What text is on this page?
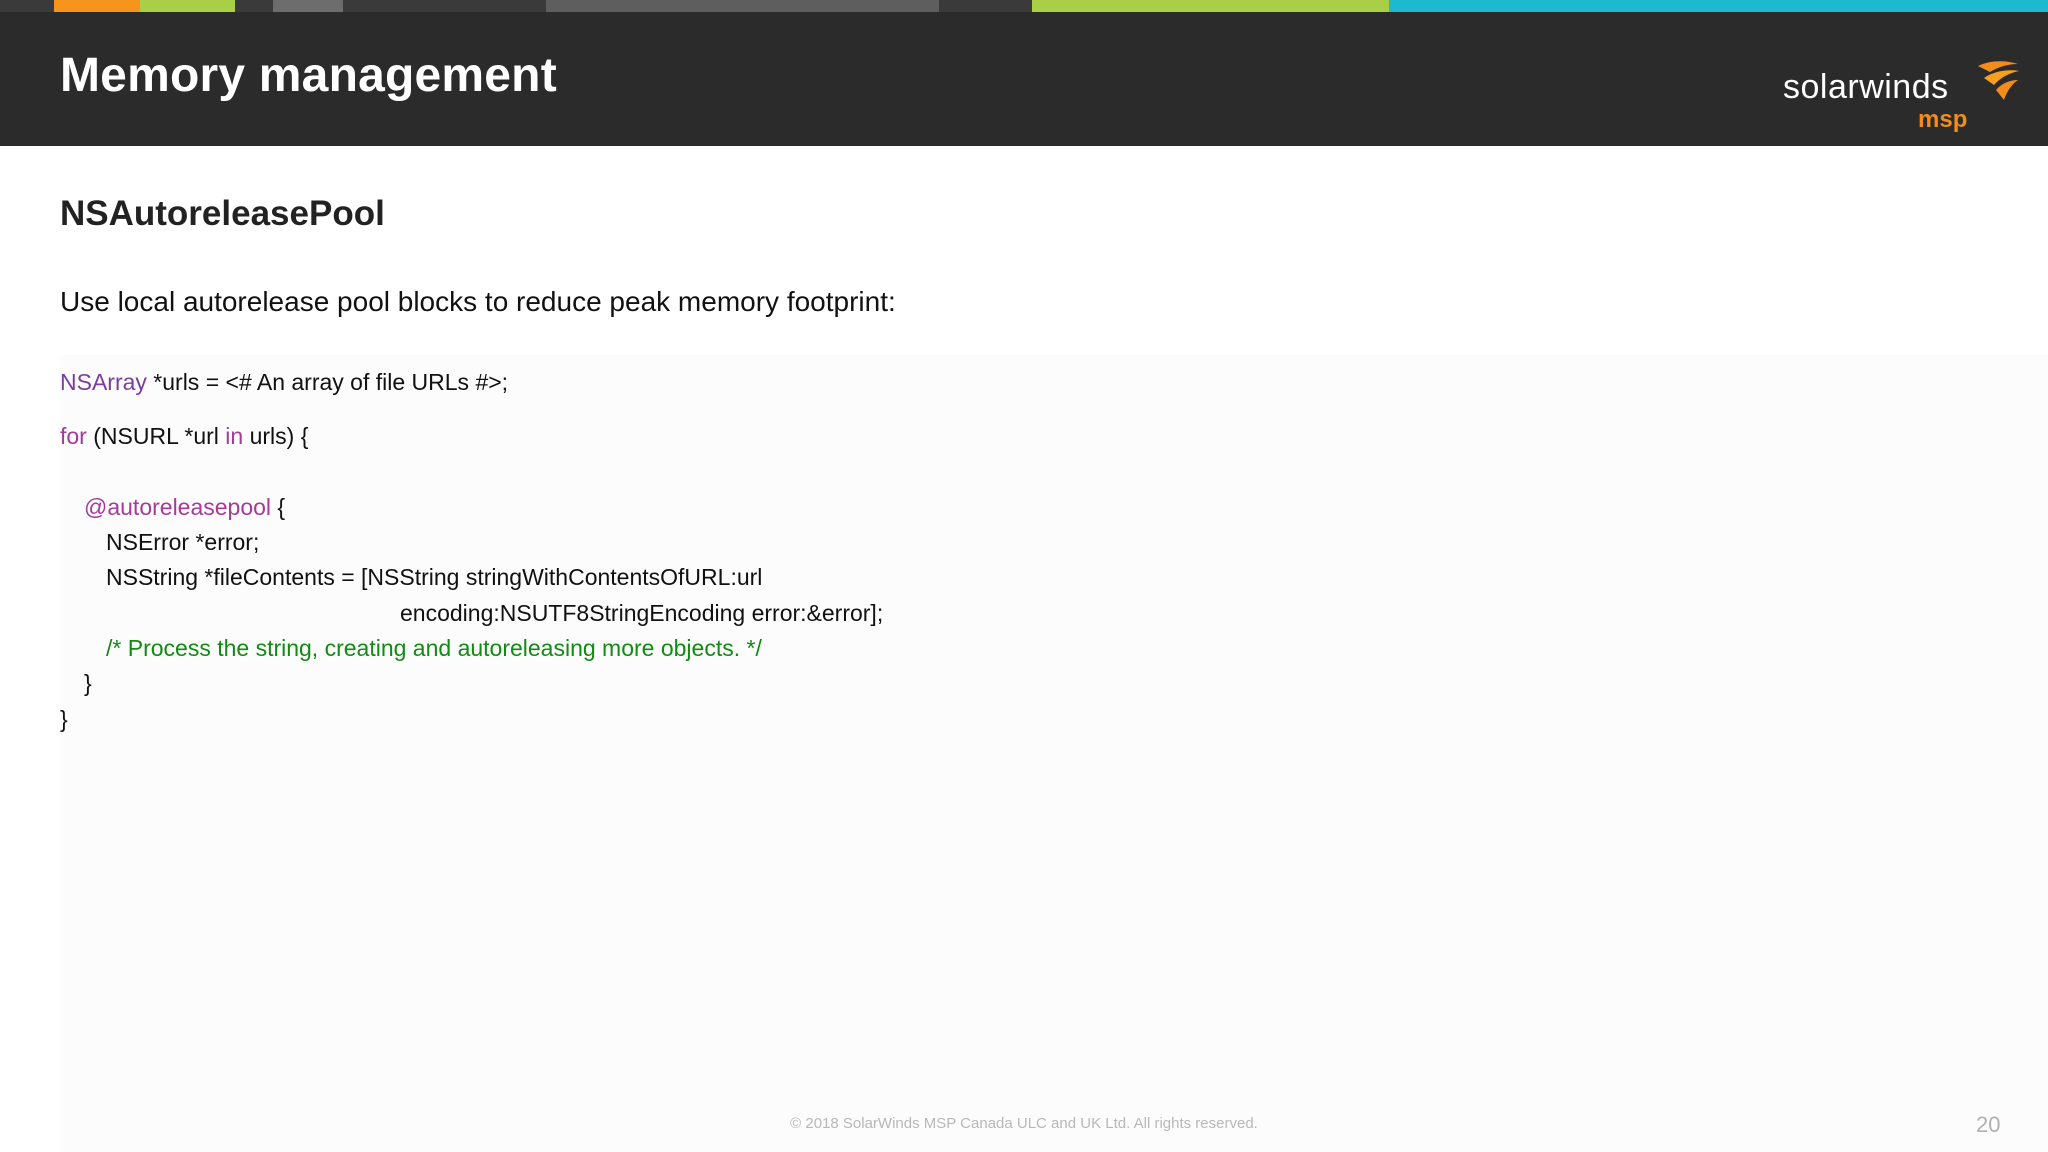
Memory management	solarwinds
msp
NSAutoreleasePool
Use local autorelease pool blocks to reduce peak memory footprint:
NSArray *urls = <# An array of file URLs #>;
for (NSURL *url in urls) {
@autoreleasepool {
NSError *error;
NSString *fileContents = [NSString stringWithContentsOfURL:url
encoding:NSUTF8StringEncoding error:&error];
/* Process the string, creating and autoreleasing more objects. */
}
}
© 2018 SolarWinds MSP Canada ULC and UK Ltd. All rights reserved.	20
